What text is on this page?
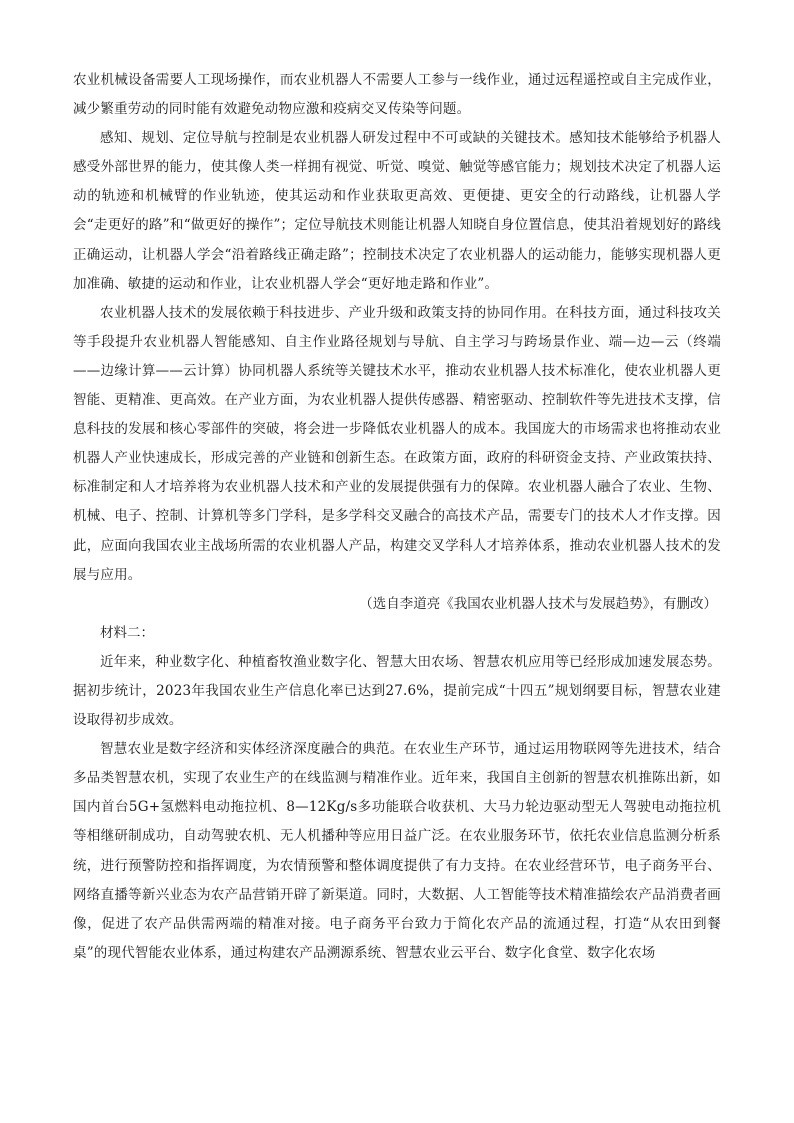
农业机械设备需要人工现场操作，而农业机器人不需要人工参与一线作业，通过远程遥控或自主完成作业，减少繁重劳动的同时能有效避免动物应激和疫病交叉传染等问题。

感知、规划、定位导航与控制是农业机器人研发过程中不可或缺的关键技术。感知技术能够给予机器人感受外部世界的能力，使其像人类一样拥有视觉、听觉、嗅觉、触觉等感官能力；规划技术决定了机器人运动的轨迹和机械臂的作业轨迹，使其运动和作业获取更高效、更便捷、更安全的行动路线，让机器人学会“走更好的路”和“做更好的操作”；定位导航技术则能让机器人知晓自身位置信息，使其沿着规划好的路线正确运动，让机器人学会“沿着路线正确走路”；控制技术决定了农业机器人的运动能力，能够实现机器人更加准确、敏捷的运动和作业，让农业机器人学会“更好地走路和作业”。

农业机器人技术的发展依赖于科技进步、产业升级和政策支持的协同作用。在科技方面，通过科技攻关等手段提升农业机器人智能感知、自主作业路径规划与导航、自主学习与跨场景作业、端—边—云（终端——边缘计算——云计算）协同机器人系统等关键技术水平，推动农业机器人技术标准化，使农业机器人更智能、更精准、更高效。在产业方面，为农业机器人提供传感器、精密驱动、控制软件等先进技术支撑，信息科技的发展和核心零部件的突破，将会进一步降低农业机器人的成本。我国庞大的市场需求也将推动农业机器人产业快速成长，形成完善的产业链和创新生态。在政策方面，政府的科研资金支持、产业政策扶持、标准制定和人才培养将为农业机器人技术和产业的发展提供强有力的保障。农业机器人融合了农业、生物、机械、电子、控制、计算机等多门学科，是多学科交叉融合的高技术产品，需要专门的技术人才作支撑。因此，应面向我国农业主战场所需的农业机器人产品，构建交叉学科人才培养体系，推动农业机器人技术的发展与应用。

（选自李道亮《我国农业机器人技术与发展趋势》，有删改）

材料二：

近年来，种业数字化、种植畜牧渔业数字化、智慧大田农场、智慧农机应用等已经形成加速发展态势。据初步统计，2023年我国农业生产信息化率已达到27.6%，提前完成“十四五”规划纲要目标，智慧农业建设取得初步成效。

智慧农业是数字经济和实体经济深度融合的典范。在农业生产环节，通过运用物联网等先进技术，结合多品类智慧农机，实现了农业生产的在线监测与精准作业。近年来，我国自主创新的智慧农机推陈出新，如国内首台5G+氢燃料电动拖拉机、8—12Kg/s多功能联合收获机、大马力轮边驱动型无人驾驶电动拖拉机等相继研制成功，自动驾驶农机、无人机播种等应用日益广泛。在农业服务环节，依托农业信息监测分析系统，进行预警防控和指挥调度，为农情预警和整体调度提供了有力支持。在农业经营环节，电子商务平台、网络直播等新兴业态为农产品营销开辟了新渠道。同时，大数据、人工智能等技术精准描绘农产品消费者画像，促进了农产品供需两端的精准对接。电子商务平台致力于简化农产品的流通过程，打造“从农田到餐桌”的现代智能农业体系，通过构建农产品溯源系统、智慧农业云平台、数字化食堂、数字化农场
